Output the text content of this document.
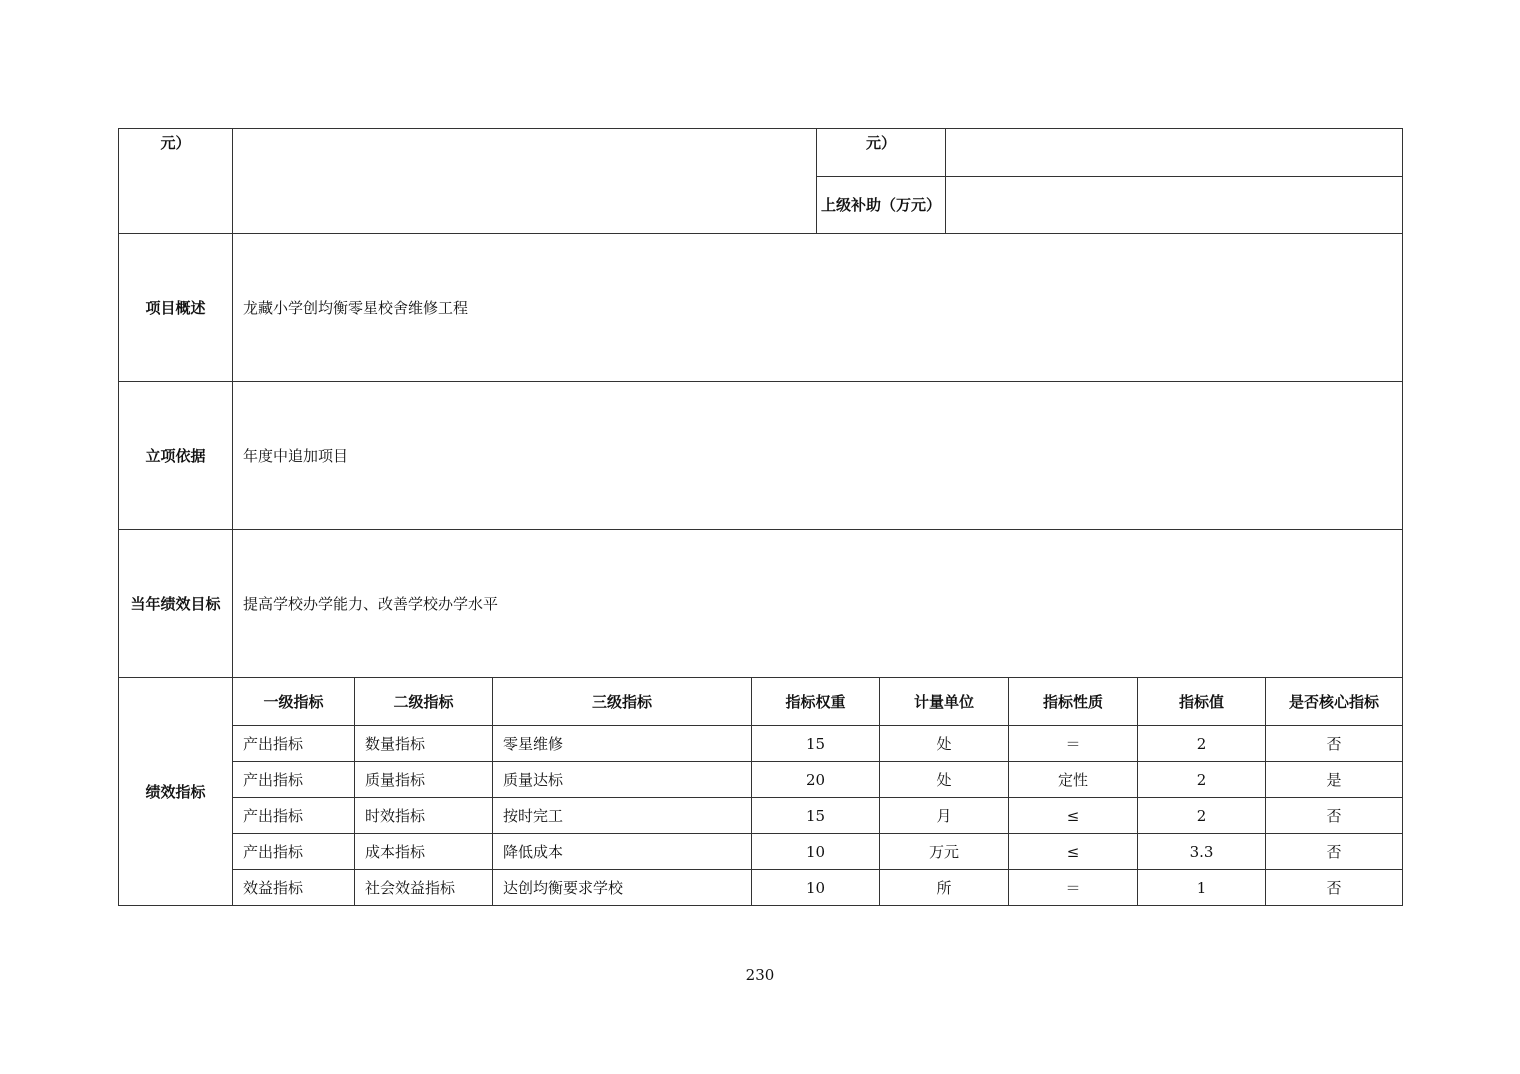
元）					元）					
					上级补助（万元）					
项目概述	龙藏小学创均衡零星校舍维修工程									
立项依据	年度中追加项目									
当年绩效目标	提高学校办学能力、改善学校办学水平									
绩效指标	一级指标	二级指标	三级指标	指标权重		计量单位		指标性质	指标值	是否核心指标
	产出指标	数量指标	零星维修	15		处		＝	2	否
	产出指标	质量指标	质量达标	20		处		定性	2	是
	产出指标	时效指标	按时完工	15		月		≤	2	否
	产出指标	成本指标	降低成本	10		万元		≤	3.3	否
	效益指标	社会效益指标	达创均衡要求学校	10		所		＝	1	否
230
